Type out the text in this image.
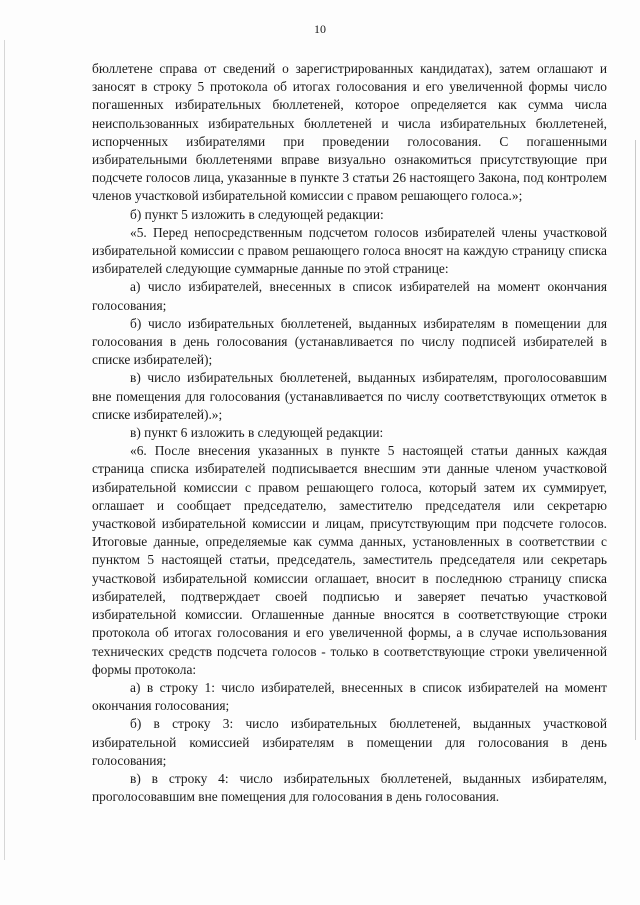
10

бюллетене справа от сведений о зарегистрированных кандидатах), затем оглашают и заносят в строку 5 протокола об итогах голосования и его увеличенной формы число погашенных избирательных бюллетеней, которое определяется как сумма числа неиспользованных избирательных бюллетеней и числа избирательных бюллетеней, испорченных избирателями при проведении голосования. С погашенными избирательными бюллетенями вправе визуально ознакомиться присутствующие при подсчете голосов лица, указанные в пункте 3 статьи 26 настоящего Закона, под контролем членов участковой избирательной комиссии с правом решающего голоса.»;

б) пункт 5 изложить в следующей редакции:

«5. Перед непосредственным подсчетом голосов избирателей члены участковой избирательной комиссии с правом решающего голоса вносят на каждую страницу списка избирателей следующие суммарные данные по этой странице:

а) число избирателей, внесенных в список избирателей на момент окончания голосования;

б) число избирательных бюллетеней, выданных избирателям в помещении для голосования в день голосования (устанавливается по числу подписей избирателей в списке избирателей);

в) число избирательных бюллетеней, выданных избирателям, проголосовавшим вне помещения для голосования (устанавливается по числу соответствующих отметок в списке избирателей).»;

в) пункт 6 изложить в следующей редакции:

«6. После внесения указанных в пункте 5 настоящей статьи данных каждая страница списка избирателей подписывается внесшим эти данные членом участковой избирательной комиссии с правом решающего голоса, который затем их суммирует, оглашает и сообщает председателю, заместителю председателя или секретарю участковой избирательной комиссии и лицам, присутствующим при подсчете голосов. Итоговые данные, определяемые как сумма данных, установленных в соответствии с пунктом 5 настоящей статьи, председатель, заместитель председателя или секретарь участковой избирательной комиссии оглашает, вносит в последнюю страницу списка избирателей, подтверждает своей подписью и заверяет печатью участковой избирательной комиссии. Оглашенные данные вносятся в соответствующие строки протокола об итогах голосования и его увеличенной формы, а в случае использования технических средств подсчета голосов - только в соответствующие строки увеличенной формы протокола:

а) в строку 1: число избирателей, внесенных в список избирателей на момент окончания голосования;

б) в строку 3: число избирательных бюллетеней, выданных участковой избирательной комиссией избирателям в помещении для голосования в день голосования;

в) в строку 4: число избирательных бюллетеней, выданных избирателям, проголосовавшим вне помещения для голосования в день голосования.
